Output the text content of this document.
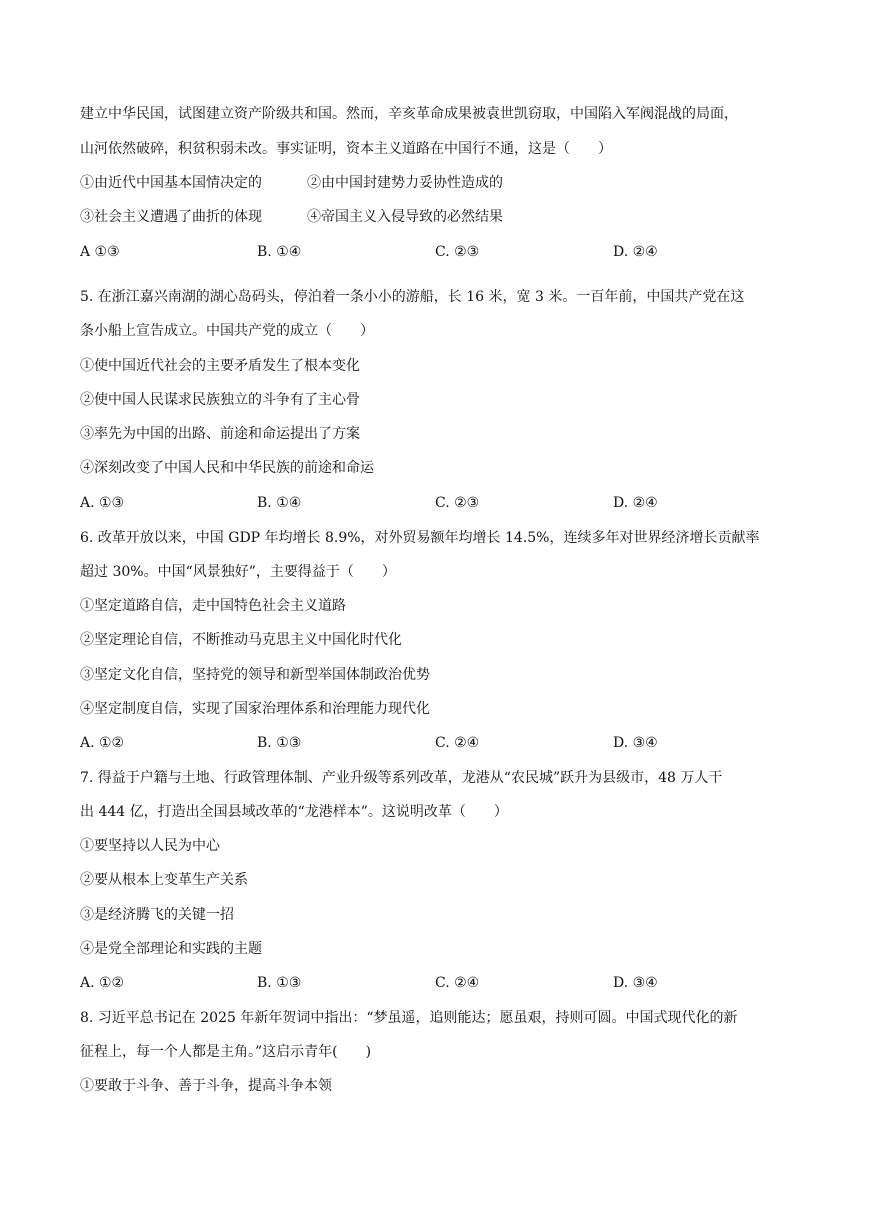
建立中华民国，试图建立资产阶级共和国。然而，辛亥革命成果被袁世凯窃取，中国陷入军阀混战的局面，
山河依然破碎，积贫积弱未改。事实证明，资本主义道路在中国行不通，这是（　　）
①由近代中国基本国情决定的	②由中国封建势力妥协性造成的
③社会主义遭遇了曲折的体现	④帝国主义入侵导致的必然结果
A ①③	B. ①④	C. ②③	D. ②④
5. 在浙江嘉兴南湖的湖心岛码头，停泊着一条小小的游船，长 16 米，宽 3 米。一百年前，中国共产党在这
条小船上宣告成立。中国共产党的成立（　　）
①使中国近代社会的主要矛盾发生了根本变化
②使中国人民谋求民族独立的斗争有了主心骨
③率先为中国的出路、前途和命运提出了方案
④深刻改变了中国人民和中华民族的前途和命运
A. ①③	B. ①④	C. ②③	D. ②④
6. 改革开放以来，中国 GDP 年均增长 8.9%，对外贸易额年均增长 14.5%，连续多年对世界经济增长贡献率
超过 30%。中国“风景独好”，主要得益于（　　）
①坚定道路自信，走中国特色社会主义道路
②坚定理论自信，不断推动马克思主义中国化时代化
③坚定文化自信，坚持党的领导和新型举国体制政治优势
④坚定制度自信，实现了国家治理体系和治理能力现代化
A. ①②	B. ①③	C. ②④	D. ③④
7. 得益于户籍与土地、行政管理体制、产业升级等系列改革，龙港从“农民城”跃升为县级市，48 万人干
出 444 亿，打造出全国县域改革的“龙港样本”。这说明改革（　　）
①要坚持以人民为中心
②要从根本上变革生产关系
③是经济腾飞的关键一招
④是党全部理论和实践的主题
A. ①②	B. ①③	C. ②④	D. ③④
8. 习近平总书记在 2025 年新年贺词中指出：“梦虽遥，追则能达；愿虽艰，持则可圆。中国式现代化的新
征程上，每一个人都是主角。”这启示青年(　　)
①要敢于斗争、善于斗争，提高斗争本领
